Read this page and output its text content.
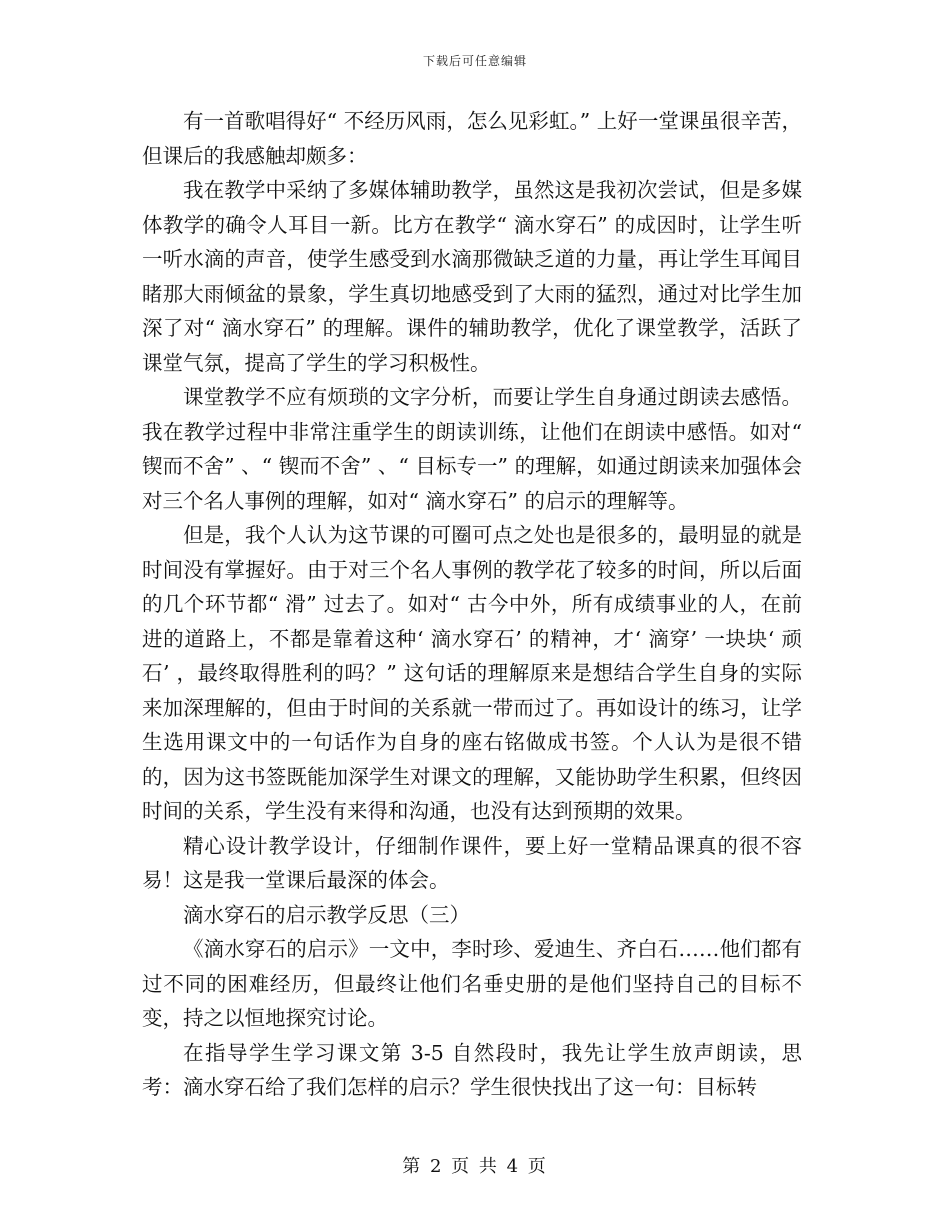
下载后可任意编辑

有一首歌唱得好“ 不经历风雨，怎么见彩虹。” 上好一堂课虽很辛苦，但课后的我感触却颇多：

我在教学中采纳了多媒体辅助教学，虽然这是我初次尝试，但是多媒体教学的确令人耳目一新。比方在教学“ 滴水穿石” 的成因时，让学生听一听水滴的声音，使学生感受到水滴那微缺乏道的力量，再让学生耳闻目睹那大雨倾盆的景象，学生真切地感受到了大雨的猛烈，通过对比学生加深了对“ 滴水穿石” 的理解。课件的辅助教学，优化了课堂教学，活跃了课堂气氛，提高了学生的学习积极性。

课堂教学不应有烦琐的文字分析，而要让学生自身通过朗读去感悟。我在教学过程中非常注重学生的朗读训练，让他们在朗读中感悟。如对“ 锲而不舍” 、“ 锲而不舍” 、“ 目标专一” 的理解，如通过朗读来加强体会对三个名人事例的理解，如对“ 滴水穿石” 的启示的理解等。

但是，我个人认为这节课的可圈可点之处也是很多的，最明显的就是时间没有掌握好。由于对三个名人事例的教学花了较多的时间，所以后面的几个环节都“ 滑” 过去了。如对“ 古今中外，所有成绩事业的人，在前进的道路上，不都是靠着这种‘ 滴水穿石’ 的精神，才‘ 滴穿’ 一块块‘ 顽石’ ，最终取得胜利的吗？” 这句话的理解原来是想结合学生自身的实际来加深理解的，但由于时间的关系就一带而过了。再如设计的练习，让学生选用课文中的一句话作为自身的座右铭做成书签。个人认为是很不错的，因为这书签既能加深学生对课文的理解，又能协助学生积累，但终因时间的关系，学生没有来得和沟通，也没有达到预期的效果。

精心设计教学设计，仔细制作课件，要上好一堂精品课真的很不容易！这是我一堂课后最深的体会。

滴水穿石的启示教学反思（三）

《滴水穿石的启示》一文中，李时珍、爱迪生、齐白石……他们都有过不同的困难经历，但最终让他们名垂史册的是他们坚持自己的目标不变，持之以恒地探究讨论。

在指导学生学习课文第 3-5 自然段时，我先让学生放声朗读，思考：滴水穿石给了我们怎样的启示？学生很快找出了这一句：目标转

第 2 页 共 4 页
